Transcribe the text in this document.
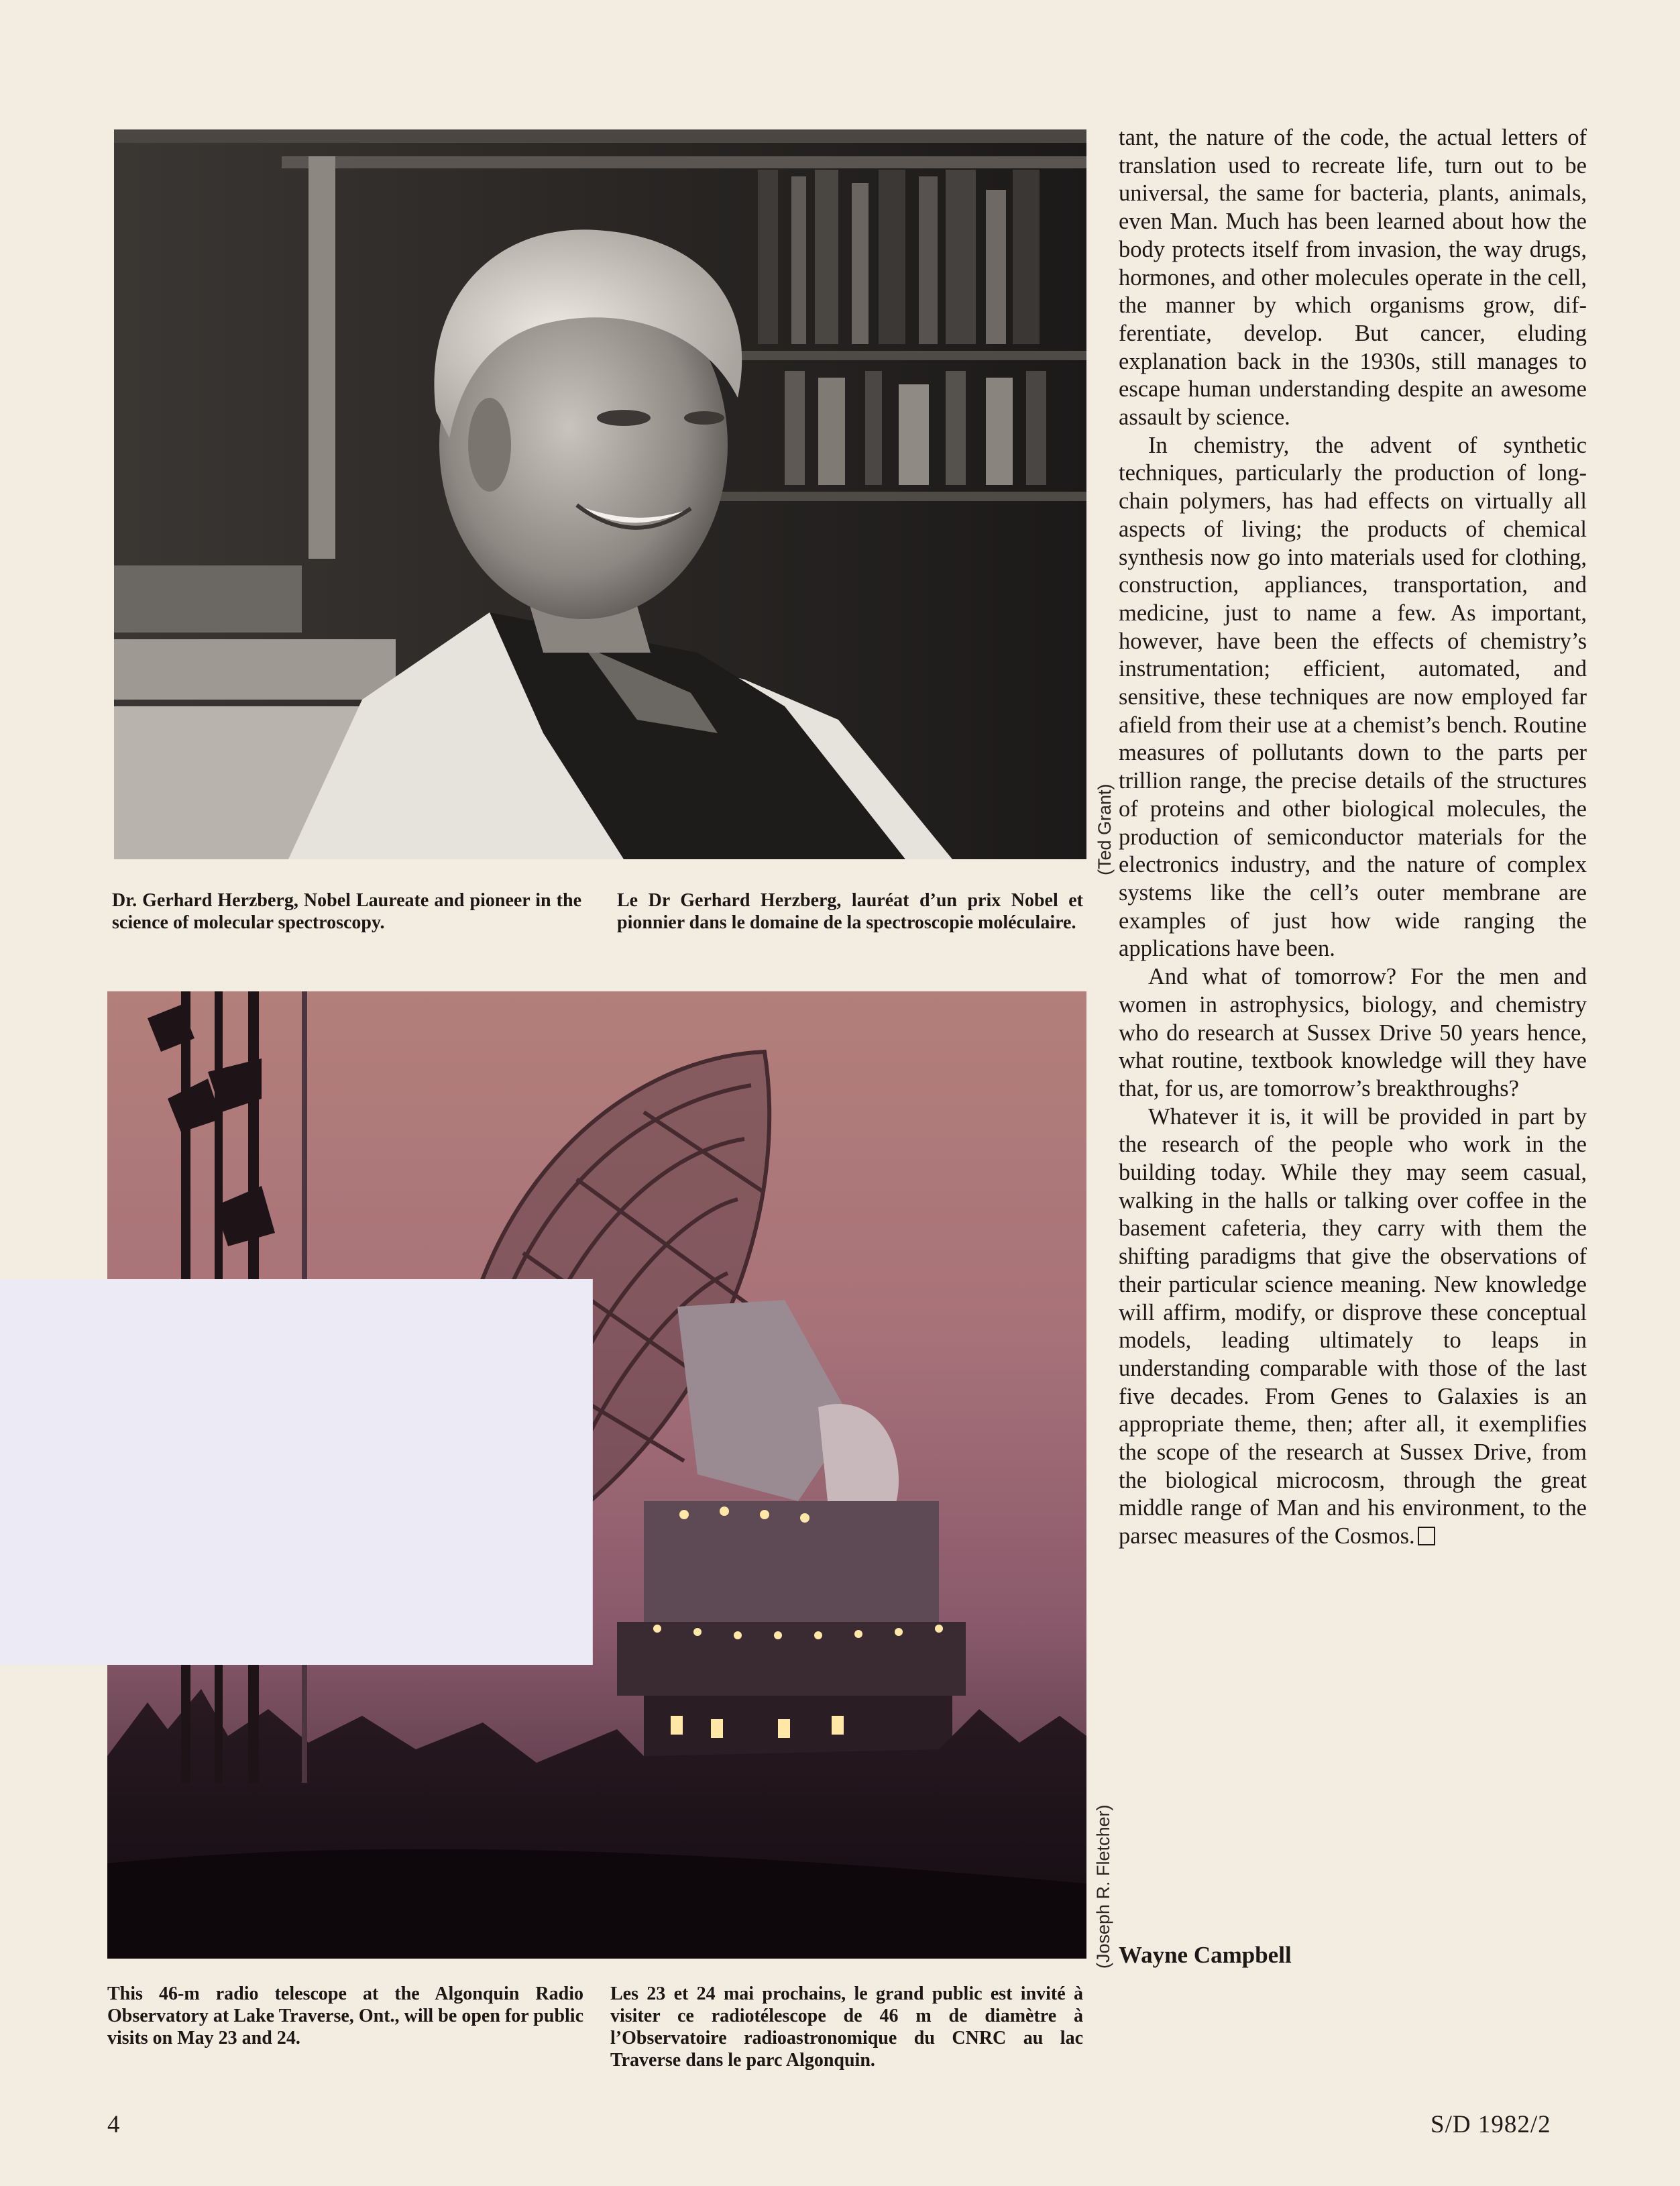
(Ted Grant)
Dr. Gerhard Herzberg, Nobel Laureate and pioneer in the science of molecular spectroscopy.
Le Dr Gerhard Herzberg, lauréat d’un prix Nobel et pionnier dans le domaine de la spectroscopie moléculaire.
(Joseph R. Fletcher)
This 46-m radio telescope at the Algonquin Radio Observatory at Lake Traverse, Ont., will be open for public visits on May 23 and 24.
Les 23 et 24 mai prochains, le grand public est invité à visiter ce radiotélescope de 46 m de diamètre à l’Observatoire radioastronomique du CNRC au lac Traverse dans le parc Algonquin.

tant, the nature of the code, the actual letters of translation used to recreate life, turn out to be universal, the same for bacteria, plants, animals, even Man. Much has been learned about how the body protects itself from invasion, the way drugs, hormones, and other molecules operate in the cell, the manner by which organisms grow, differentiate, develop. But cancer, eluding explanation back in the 1930s, still manages to escape human understanding despite an awesome assault by science.

In chemistry, the advent of synthetic techniques, particularly the production of long-chain polymers, has had effects on virtually all aspects of living; the products of chemical synthesis now go into materials used for clothing, construction, appliances, transportation, and medicine, just to name a few. As important, however, have been the effects of chemistry’s instrumentation; efficient, automated, and sensitive, these techniques are now employed far afield from their use at a chemist’s bench. Routine measures of pollutants down to the parts per trillion range, the precise details of the structures of proteins and other biological molecules, the production of semiconductor materials for the electronics industry, and the nature of complex systems like the cell’s outer membrane are examples of just how wide ranging the applications have been.

And what of tomorrow? For the men and women in astrophysics, biology, and chemistry who do research at Sussex Drive 50 years hence, what routine, textbook knowledge will they have that, for us, are tomorrow’s breakthroughs?

Whatever it is, it will be provided in part by the research of the people who work in the building today. While they may seem casual, walking in the halls or talking over coffee in the basement cafeteria, they carry with them the shifting paradigms that give the observations of their particular science meaning. New knowledge will affirm, modify, or disprove these conceptual models, leading ultimately to leaps in understanding comparable with those of the last five decades. From Genes to Galaxies is an appropriate theme, then; after all, it exemplifies the scope of the research at Sussex Drive, from the biological microcosm, through the great middle range of Man and his environment, to the parsec measures of the Cosmos.

Wayne Campbell
4	S/D 1982/2
